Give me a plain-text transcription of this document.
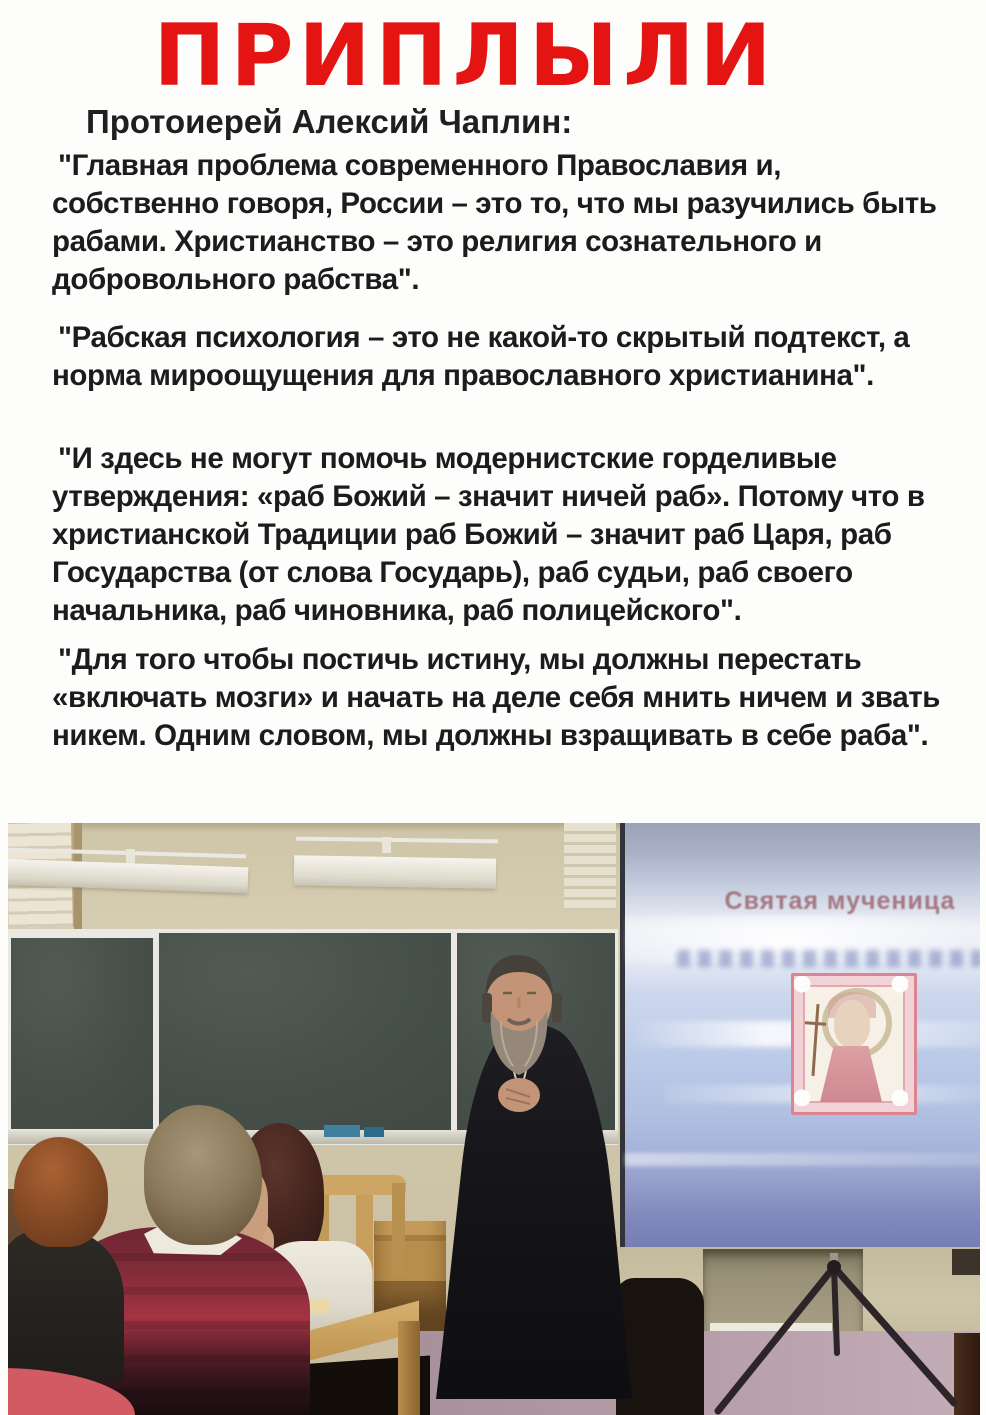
ПРИПЛЫЛИ
Протоиерей Алексий Чаплин:

"Главная проблема современного Православия и, собственно говоря, России – это то, что мы разучились быть рабами. Христианство – это религия сознательного и добровольного рабства".

"Рабская психология – это не какой-то скрытый подтекст, а норма мироощущения для православного христианина".

"И здесь не могут помочь модернистские горделивые утверждения: «раб Божий – значит ничей раб». Потому что в христианской Традиции раб Божий – значит раб Царя, раб Государства (от слова Государь), раб судьи, раб своего начальника, раб чиновника, раб полицейского".

"Для того чтобы постичь истину, мы должны перестать «включать мозги» и начать на деле себя мнить ничем и звать никем. Одним словом, мы должны взращивать в себе раба".

Святая мученица
